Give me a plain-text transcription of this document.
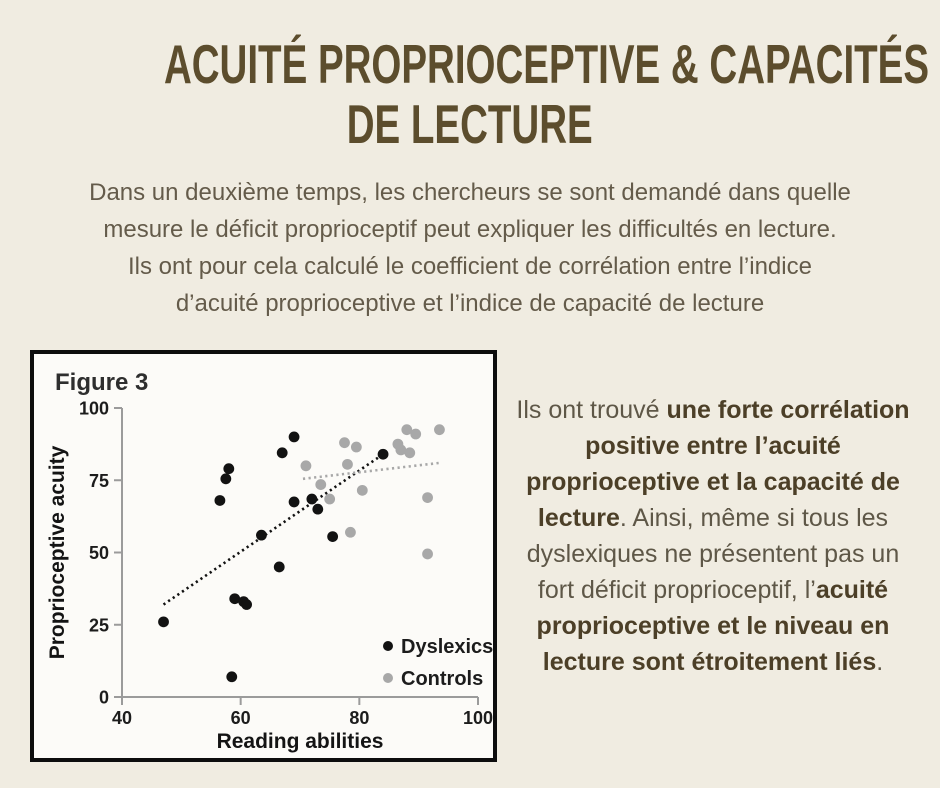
ACUITÉ PROPRIOCEPTIVE & CAPACITÉS
DE LECTURE

Dans un deuxième temps, les chercheurs se sont demandé dans quelle
mesure le déficit proprioceptif peut expliquer les difficultés en lecture.
Ils ont pour cela calculé le coefficient de corrélation entre l’indice
d’acuité proprioceptive et l’indice de capacité de lecture

Figure 3
0
25
50
75
100
40	60	80	100
Reading abilities
Proprioceptive acuity	Dyslexics
Controls
Ils ont trouvé une forte corrélation positive entre l’acuité proprioceptive et la capacité de lecture. Ainsi, même si tous les dyslexiques ne présentent pas un fort déficit proprioceptif, l’acuité proprioceptive et le niveau en lecture sont étroitement liés.
